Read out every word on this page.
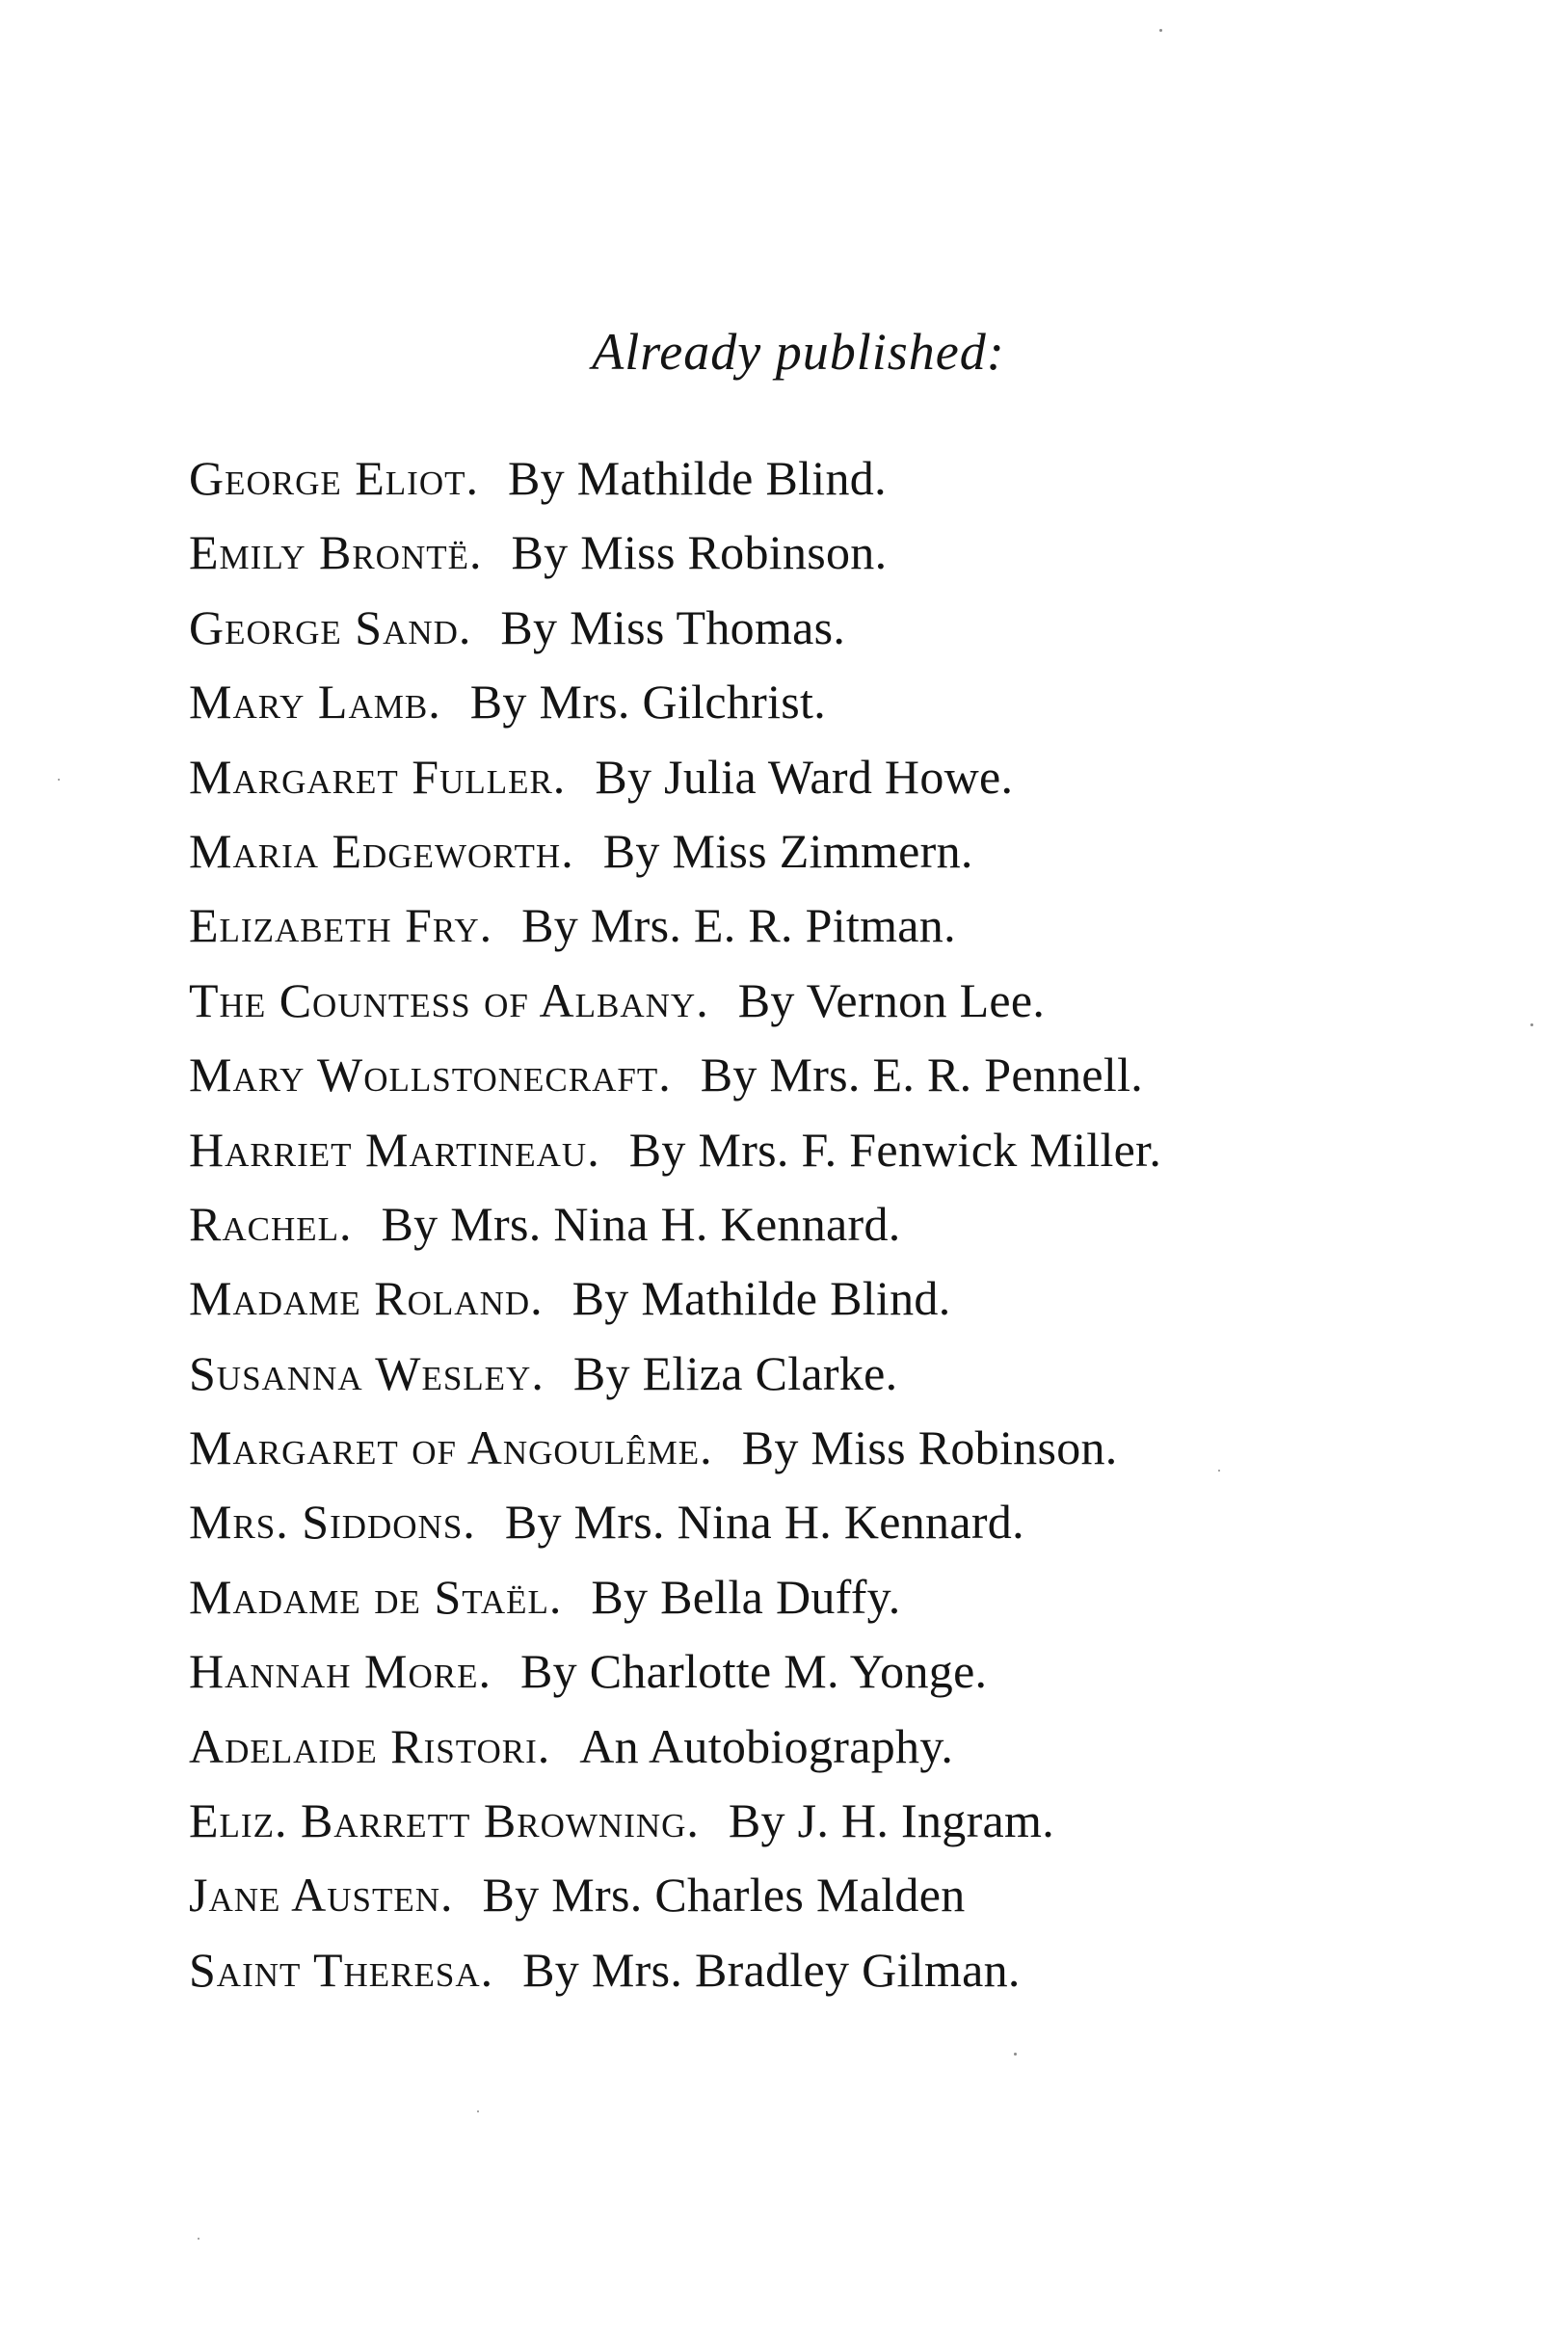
Already published:
George Eliot. By Mathilde Blind.
Emily Brontë. By Miss Robinson.
George Sand. By Miss Thomas.
Mary Lamb. By Mrs. Gilchrist.
Margaret Fuller. By Julia Ward Howe.
Maria Edgeworth. By Miss Zimmern.
Elizabeth Fry. By Mrs. E. R. Pitman.
The Countess of Albany. By Vernon Lee.
Mary Wollstonecraft. By Mrs. E. R. Pennell.
Harriet Martineau. By Mrs. F. Fenwick Miller.
Rachel. By Mrs. Nina H. Kennard.
Madame Roland. By Mathilde Blind.
Susanna Wesley. By Eliza Clarke.
Margaret of Angoulême. By Miss Robinson.
Mrs. Siddons. By Mrs. Nina H. Kennard.
Madame de Staël. By Bella Duffy.
Hannah More. By Charlotte M. Yonge.
Adelaide Ristori. An Autobiography.
Eliz. Barrett Browning. By J. H. Ingram.
Jane Austen. By Mrs. Charles Malden
Saint Theresa. By Mrs. Bradley Gilman.
